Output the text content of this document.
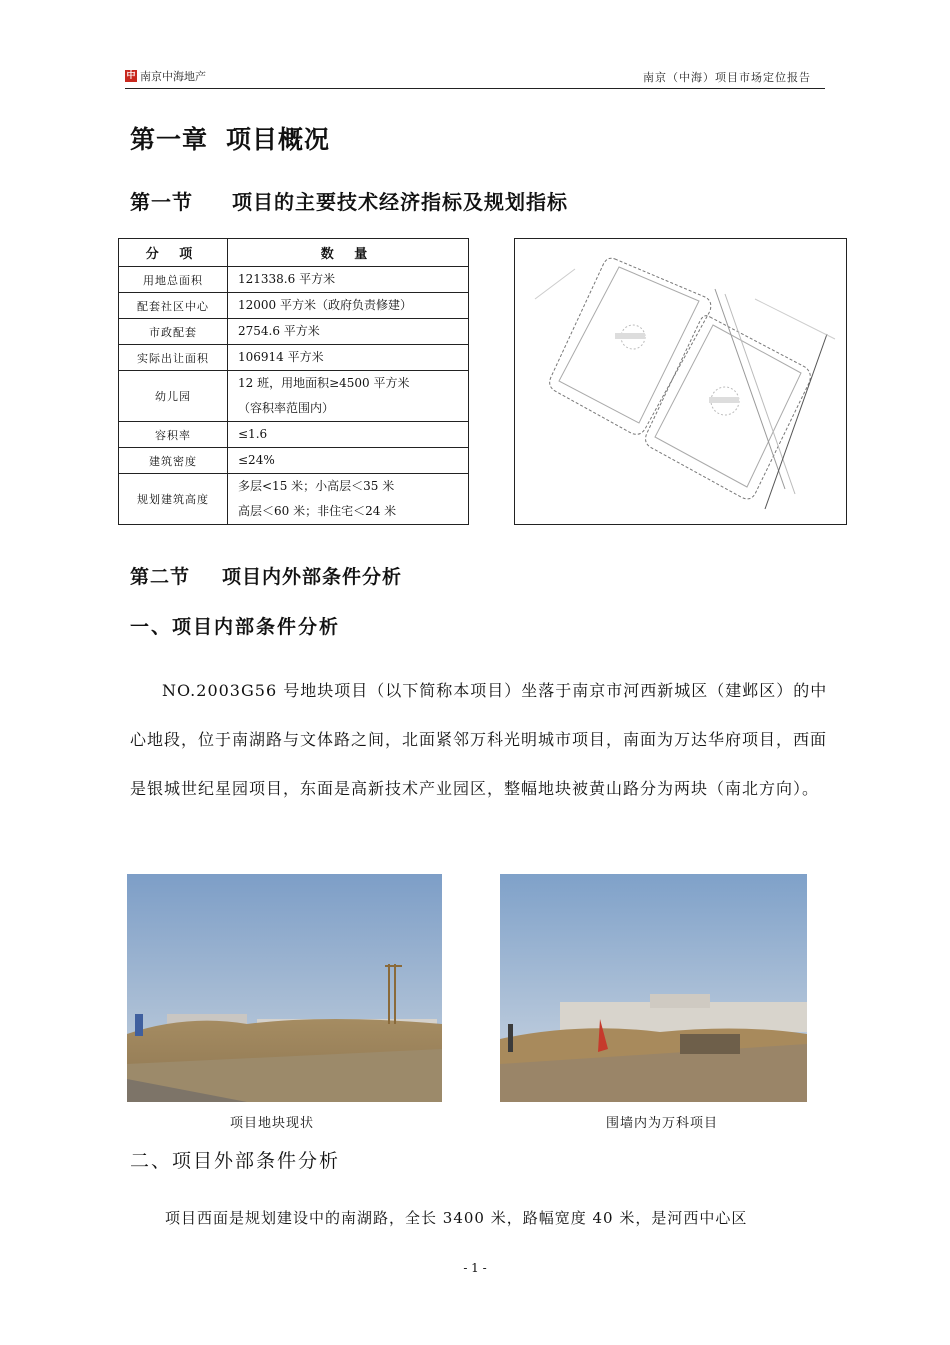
中 南京中海地产	南京（中海）项目市场定位报告
第一章 项目概况
第一节 项目的主要技术经济指标及规划指标
分 项	数 量
用地总面积	121338.6 平方米
配套社区中心	12000 平方米（政府负责修建）
市政配套	2754.6 平方米
实际出让面积	106914 平方米
幼儿园	12 班，用地面积≥4500 平方米
（容积率范围内）

容积率	≤1.6
建筑密度	≤24%
规划建筑高度	多层<15 米；小高层＜35 米
高层＜60 米；非住宅＜24 米
第二节 项目内外部条件分析
一、项目内部条件分析
NO.2003G56 号地块项目（以下简称本项目）坐落于南京市河西新城区（建邺区）的中心地段，位于南湖路与文体路之间，北面紧邻万科光明城市项目，南面为万达华府项目，西面是银城世纪星园项目，东面是高新技术产业园区，整幅地块被黄山路分为两块（南北方向）。
项目地块现状	围墙内为万科项目
二、项目外部条件分析
项目西面是规划建设中的南湖路，全长 3400 米，路幅宽度 40 米，是河西中心区
- 1 -
